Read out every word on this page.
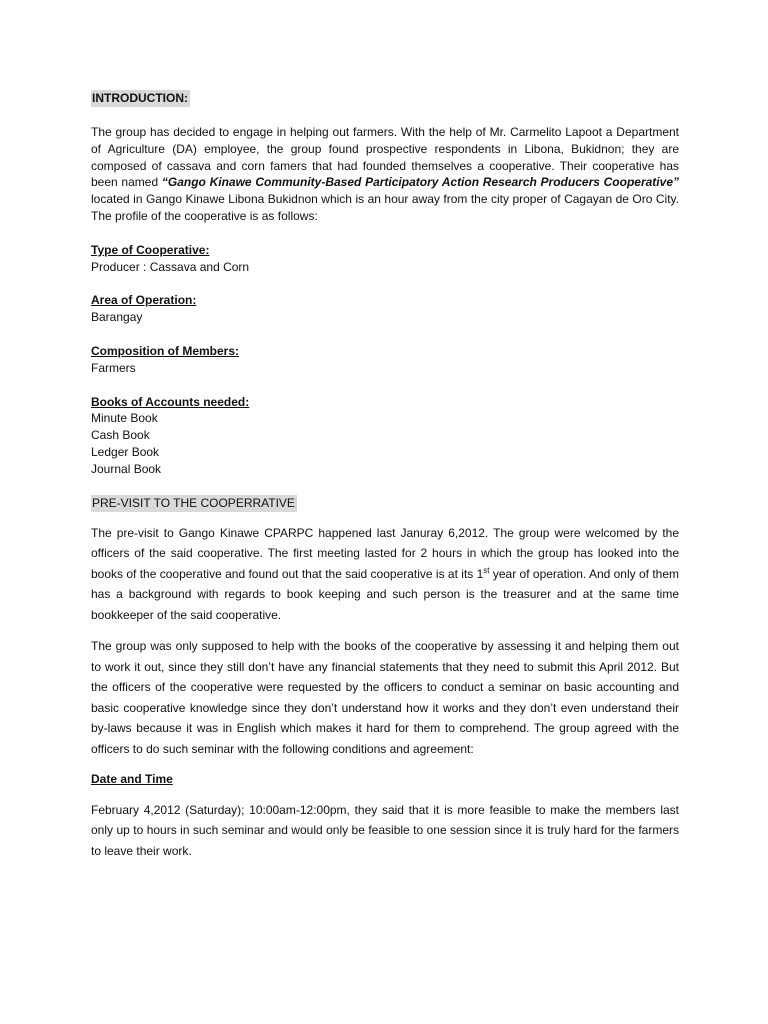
INTRODUCTION:

The group has decided to engage in helping out farmers. With the help of Mr. Carmelito Lapoot a Department of Agriculture (DA) employee, the group found prospective respondents in Libona, Bukidnon; they are composed of cassava and corn famers that had founded themselves a cooperative. Their cooperative has been named “Gango Kinawe Community-Based Participatory Action Research Producers Cooperative” located in Gango Kinawe Libona Bukidnon which is an hour away from the city proper of Cagayan de Oro City. The profile of the cooperative is as follows:

Type of Cooperative:
Producer : Cassava and Corn
Area of Operation:
Barangay
Composition of Members:
Farmers
Books of Accounts needed:
Minute Book
Cash Book
Ledger Book
Journal Book
PRE-VISIT TO THE COOPERRATIVE

The pre-visit to Gango Kinawe CPARPC happened last Januray 6,2012. The group were welcomed by the officers of the said cooperative. The first meeting lasted for 2 hours in which the group has looked into the books of the cooperative and found out that the said cooperative is at its 1st year of operation. And only of them has a background with regards to book keeping and such person is the treasurer and at the same time bookkeeper of the said cooperative.

The group was only supposed to help with the books of the cooperative by assessing it and helping them out to work it out, since they still don’t have any financial statements that they need to submit this April 2012. But the officers of the cooperative were requested by the officers to conduct a seminar on basic accounting and basic cooperative knowledge since they don’t understand how it works and they don’t even understand their by-laws because it was in English which makes it hard for them to comprehend. The group agreed with the officers to do such seminar with the following conditions and agreement:

Date and Time

February 4,2012 (Saturday); 10:00am-12:00pm, they said that it is more feasible to make the members last only up to hours in such seminar and would only be feasible to one session since it is truly hard for the farmers to leave their work.
